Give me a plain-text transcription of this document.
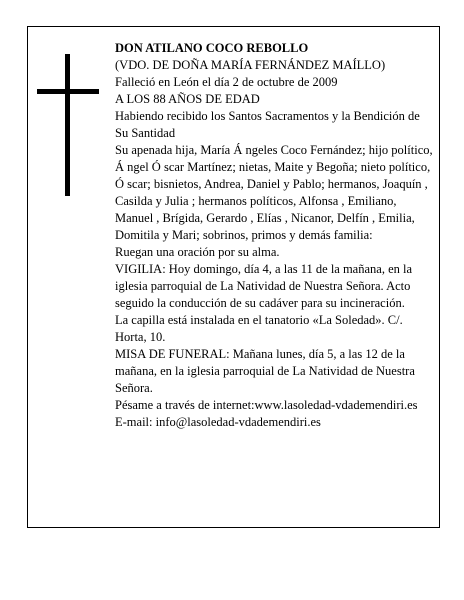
DON ATILANO COCO REBOLLO

(VDO. DE DOÑA MARÍA FERNÁNDEZ MAÍLLO)

Falleció en León el día 2 de octubre de 2009

A LOS 88 AÑOS DE EDAD

Habiendo recibido los Santos Sacramentos y la Bendición de Su Santidad

Su apenada hija, María Á ngeles Coco Fernández; hijo político, Á ngel Ó scar Martínez; nietas, Maite y Begoña; nieto político, Ó scar; bisnietos, Andrea, Daniel y Pablo; hermanos, Joaquín , Casilda y Julia ; hermanos políticos, Alfonsa , Emiliano, Manuel , Brígida, Gerardo , Elías , Nicanor, Delfín , Emilia, Domitila y Mari; sobrinos, primos y demás familia:

Ruegan una oración por su alma.

VIGILIA: Hoy domingo, día 4, a las 11 de la mañana, en la iglesia parroquial de La Natividad de Nuestra Señora. Acto seguido la conducción de su cadáver para su incineración.

La capilla está instalada en el tanatorio «La Soledad». C/. Horta, 10.

MISA DE FUNERAL: Mañana lunes, día 5, a las 12 de la mañana, en la iglesia parroquial de La Natividad de Nuestra Señora.

Pésame a través de internet:www.lasoledad-vdademendiri.es

E-mail: info@lasoledad-vdademendiri.es
